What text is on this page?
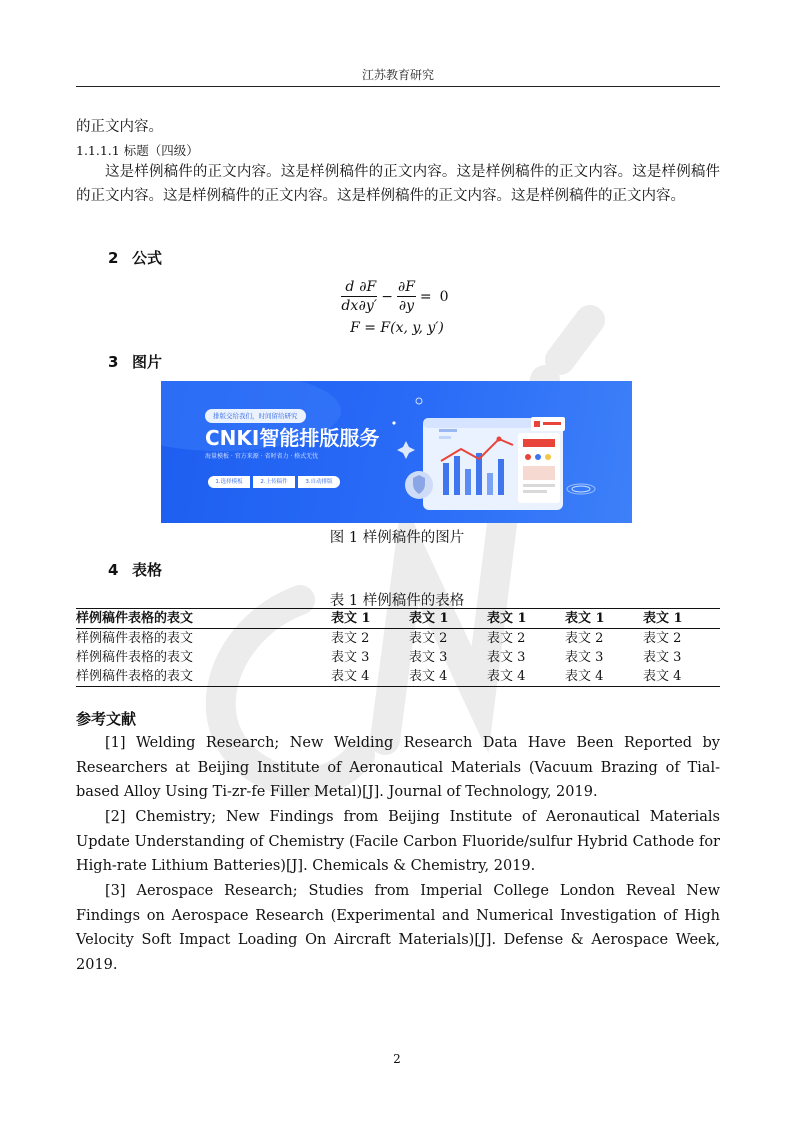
江苏教育研究
的正文内容。
1.1.1.1 标题（四级）
这是样例稿件的正文内容。这是样例稿件的正文内容。这是样例稿件的正文内容。这是样例稿件的正文内容。这是样例稿件的正文内容。这是样例稿件的正文内容。这是样例稿件的正文内容。
2 公式
$\frac{d}{dx} \frac{\partial F}{\partial y'} - \frac{\partial F}{\partial y} = 0$
F = F(x, y, y′)
3 图片
排版交给我们，时间留给研究
CNKI智能排版服务
海量模板 · 官方来源 · 省时省力 · 格式无忧
1.选择模板	2.上传稿件	3.自动排版
图 1 样例稿件的图片
4 表格
表 1 样例稿件的表格
样例稿件表格的表文	表文 1	表文 1	表文 1	表文 1	表文 1
样例稿件表格的表文	表文 2	表文 2	表文 2	表文 2	表文 2
样例稿件表格的表文	表文 3	表文 3	表文 3	表文 3	表文 3
样例稿件表格的表文	表文 4	表文 4	表文 4	表文 4	表文 4
参考文献
[1] Welding Research; New Welding Research Data Have Been Reported by Researchers at Beijing Institute of Aeronautical Materials (Vacuum Brazing of Tial-based Alloy Using Ti-zr-fe Filler Metal)[J]. Journal of Technology, 2019.
[2] Chemistry; New Findings from Beijing Institute of Aeronautical Materials Update Understanding of Chemistry (Facile Carbon Fluoride/sulfur Hybrid Cathode for High-rate Lithium Batteries)[J]. Chemicals & Chemistry, 2019.
[3] Aerospace Research; Studies from Imperial College London Reveal New Findings on Aerospace Research (Experimental and Numerical Investigation of High Velocity Soft Impact Loading On Aircraft Materials)[J]. Defense & Aerospace Week, 2019.
2
